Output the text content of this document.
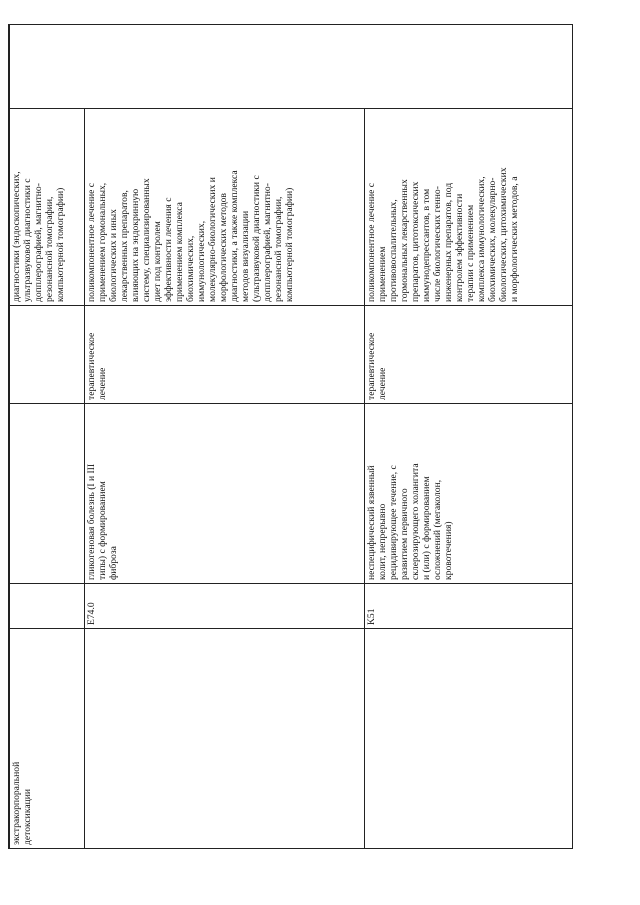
экстракорпоральной
детоксикации
диагностики (эндоскопических,
ультразвуковой диагностики с
допплерографией, магнитно-
резонансной томографии,
компьютерной томографии)
E74.0
гликогеновая болезнь (I и III
типы) с формированием
фиброза
терапевтическое
лечение
поликомпонентное лечение с
применением гормональных,
биологических и иных
лекарственных препаратов,
влияющих на эндокринную
систему, специализированных
диет под контролем
эффективности лечения с
применением комплекса
биохимических,
иммунологических,
молекулярно-биологических и
морфологических методов
диагностики, а также комплекса
методов визуализации
(ультразвуковой диагностики с
допплерографией, магнитно-
резонансной томографии,
компьютерной томографии)
K51
неспецифический язвенный
колит, непрерывно
рецидивирующее течение, с
развитием первичного
склерозирующего холангита
и (или) с формированием
осложнений (мегаколон,
кровотечения)
терапевтическое
лечение
поликомпонентное лечение с
применением
противовоспалительных,
гормональных лекарственных
препаратов, цитотоксических
иммунодепрессантов, в том
числе биологических генно-
инженерных препаратов, под
контролем эффективности
терапии с применением
комплекса иммунологических,
биохимических, молекулярно-
биологических, цитохимических
и морфологических методов, а
